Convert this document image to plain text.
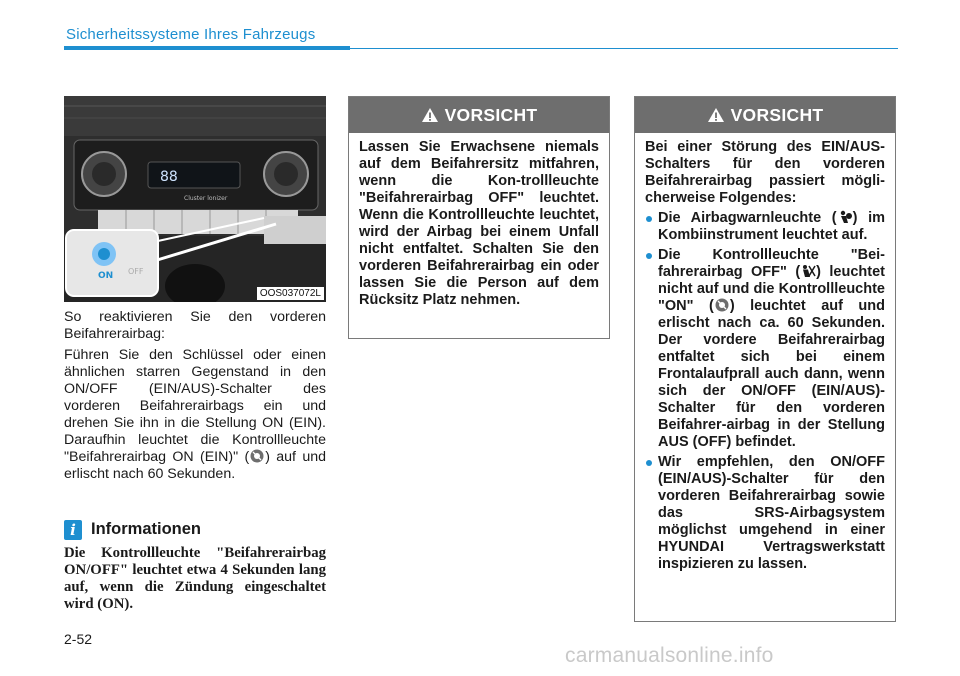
Sicherheitssysteme Ihres Fahrzeugs
88
Cluster lonizer
ON OFF
OOS037072L
So reaktivieren Sie den vorderen Beifahrerairbag:
Führen Sie den Schlüssel oder einen ähnlichen starren Gegenstand in den ON/OFF (EIN/AUS)-Schalter des vorderen Beifahrerairbags ein und drehen Sie ihn in die Stellung ON (EIN). Daraufhin leuchtet die Kontrollleuchte "Beifahrerairbag ON (EIN)" ( ) auf und erlischt nach 60 Sekunden.
i Informationen
Die Kontrollleuchte "Beifahrerairbag ON/OFF" leuchtet etwa 4 Sekunden lang auf, wenn die Zündung eingeschaltet wird (ON).
VORSICHT
Lassen Sie Erwachsene niemals auf dem Beifahrersitz mitfahren, wenn die Kon-trollleuchte "Beifahrerairbag OFF" leuchtet. Wenn die Kontrollleuchte leuchtet, wird der Airbag bei einem Unfall nicht entfaltet. Schalten Sie den vorderen Beifahrerairbag ein oder lassen Sie die Person auf dem Rücksitz Platz nehmen.
VORSICHT
Bei einer Störung des EIN/AUS-Schalters für den vorderen Beifahrerairbag passiert mögli-cherweise Folgendes:
Die Airbagwarnleuchte ( ) im Kombiinstrument leuchtet auf.
Die Kontrollleuchte "Bei-fahrerairbag OFF" ( ) leuchtet nicht auf und die Kontrollleuchte "ON" ( ) leuchtet auf und erlischt nach ca. 60 Sekunden. Der vordere Beifahrerairbag entfaltet sich bei einem Frontalaufprall auch dann, wenn sich der ON/OFF (EIN/AUS)-Schalter für den vorderen Beifahrer-airbag in der Stellung AUS (OFF) befindet.
Wir empfehlen, den ON/OFF (EIN/AUS)-Schalter für den vorderen Beifahrerairbag sowie das SRS-Airbagsystem möglichst umgehend in einer HYUNDAI Vertragswerkstatt inspizieren zu lassen.
2-52
carmanualsonline.info
